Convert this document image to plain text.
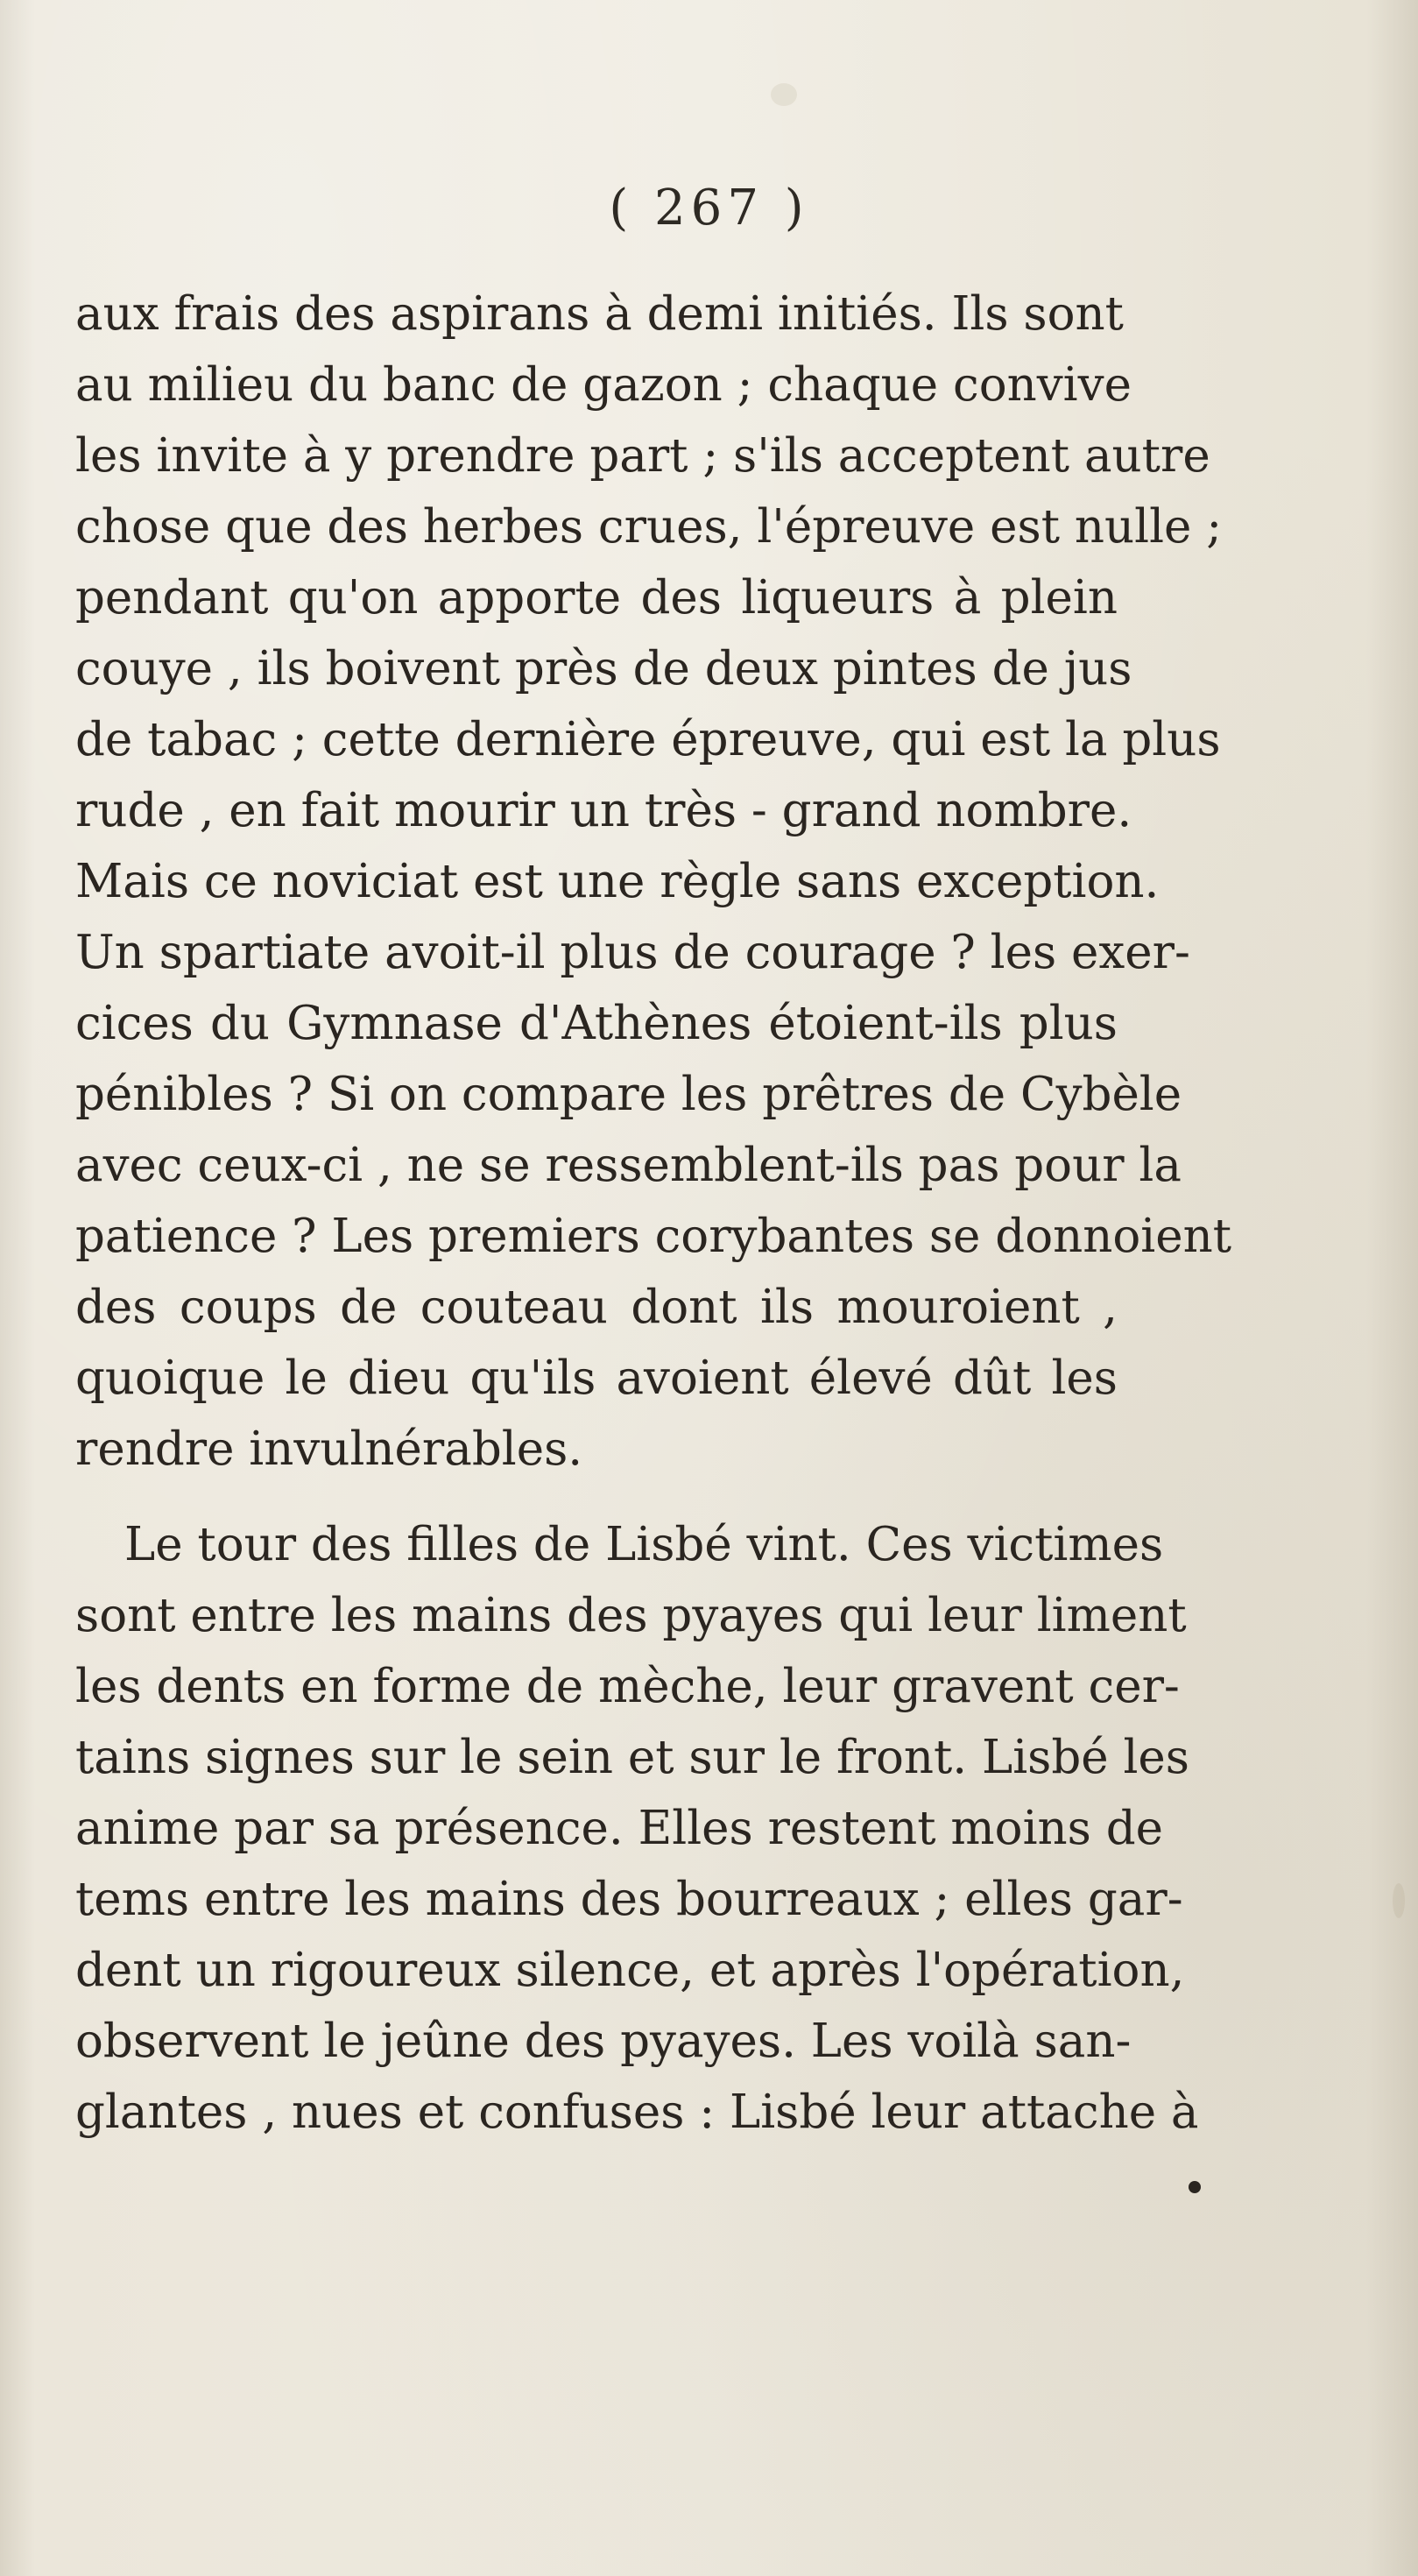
( 267 )
aux frais des aspirans à demi initiés. Ils sont
au milieu du banc de gazon ; chaque convive
les invite à y prendre part ; s'ils acceptent autre
chose que des herbes crues, l'épreuve est nulle ;
pendant qu'on apporte des liqueurs à plein
couye , ils boivent près de deux pintes de jus
de tabac ; cette dernière épreuve, qui est la plus
rude , en fait mourir un très - grand nombre.
Mais ce noviciat est une règle sans exception.
Un spartiate avoit-il plus de courage ? les exer-
cices du Gymnase d'Athènes étoient-ils plus
pénibles ? Si on compare les prêtres de Cybèle
avec ceux-ci , ne se ressemblent-ils pas pour la
patience ? Les premiers corybantes se donnoient
des coups de couteau dont ils mouroient ,
quoique le dieu qu'ils avoient élevé dût les
rendre invulnérables.
Le tour des filles de Lisbé vint. Ces victimes
sont entre les mains des pyayes qui leur liment
les dents en forme de mèche, leur gravent cer-
tains signes sur le sein et sur le front. Lisbé les
anime par sa présence. Elles restent moins de
tems entre les mains des bourreaux ; elles gar-
dent un rigoureux silence, et après l'opération,
observent le jeûne des pyayes. Les voilà san-
glantes , nues et confuses : Lisbé leur attache à
